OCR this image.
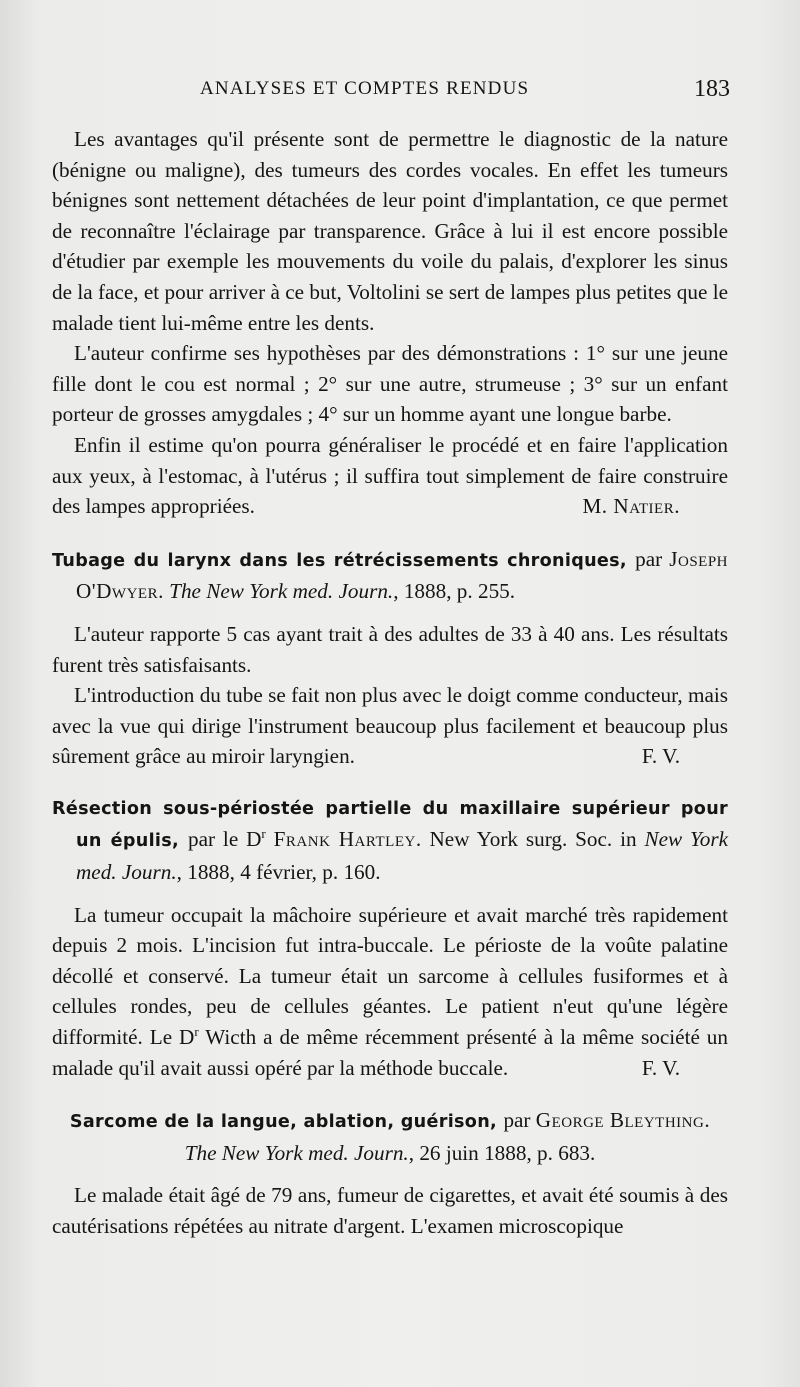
ANALYSES ET COMPTES RENDUS	183

Les avantages qu'il présente sont de permettre le diagnostic de la nature (bénigne ou maligne), des tumeurs des cordes vocales. En effet les tumeurs bénignes sont nettement détachées de leur point d'implantation, ce que permet de reconnaître l'éclairage par transparence. Grâce à lui il est encore possible d'étudier par exemple les mouvements du voile du palais, d'explorer les sinus de la face, et pour arriver à ce but, Voltolini se sert de lampes plus petites que le malade tient lui-même entre les dents.

L'auteur confirme ses hypothèses par des démonstrations : 1° sur une jeune fille dont le cou est normal ; 2° sur une autre, strumeuse ; 3° sur un enfant porteur de grosses amygdales ; 4° sur un homme ayant une longue barbe.

Enfin il estime qu'on pourra généraliser le procédé et en faire l'application aux yeux, à l'estomac, à l'utérus ; il suffira tout simplement de faire construire des lampes appropriées.	M. Natier.

Tubage du larynx dans les rétrécissements chroniques, par Joseph O'Dwyer. The New York med. Journ., 1888, p. 255.

L'auteur rapporte 5 cas ayant trait à des adultes de 33 à 40 ans. Les résultats furent très satisfaisants.

L'introduction du tube se fait non plus avec le doigt comme conducteur, mais avec la vue qui dirige l'instrument beaucoup plus facilement et beaucoup plus sûrement grâce au miroir laryngien.	F. V.

Résection sous-périostée partielle du maxillaire supérieur pour un épulis, par le $D^r$ Frank Hartley. New York surg. Soc. in New York med. Journ., 1888, 4 février, p. 160.

La tumeur occupait la mâchoire supérieure et avait marché très rapidement depuis 2 mois. L'incision fut intra-buccale. Le périoste de la voûte palatine décollé et conservé. La tumeur était un sarcome à cellules fusiformes et à cellules rondes, peu de cellules géantes. Le patient n'eut qu'une légère difformité. Le $D^r$ Wicth a de même récemment présenté à la même société un malade qu'il avait aussi opéré par la méthode buccale.	F. V.

Sarcome de la langue, ablation, guérison, par George Bleything.
The New York med. Journ., 26 juin 1888, p. 683.

Le malade était âgé de 79 ans, fumeur de cigarettes, et avait été soumis à des cautérisations répétées au nitrate d'argent. L'examen microscopique
